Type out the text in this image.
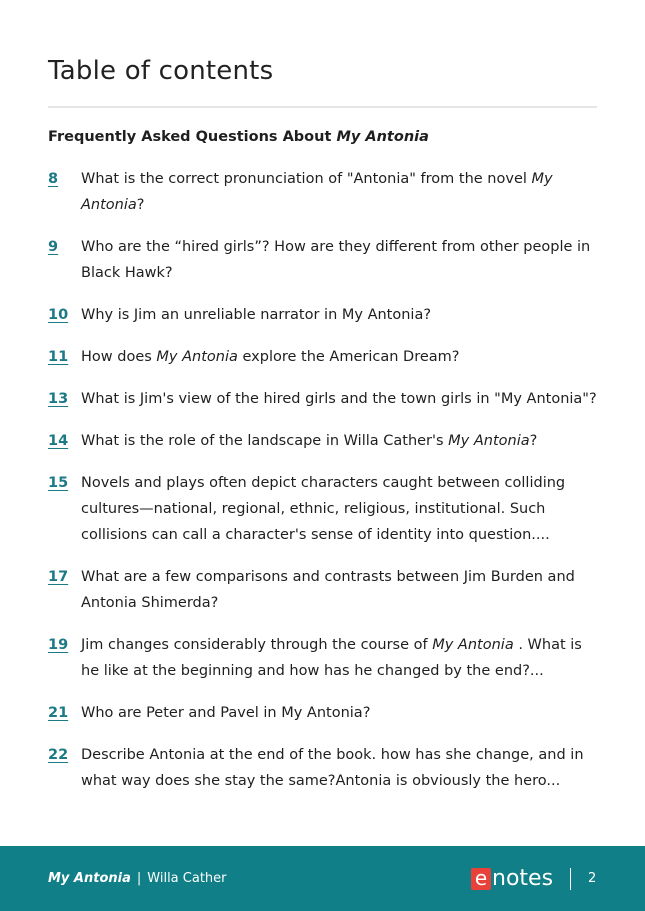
Table of contents
Frequently Asked Questions About My Antonia
8	What is the correct pronunciation of "Antonia" from the novel My Antonia?
9	Who are the “hired girls”? How are they different from other people in Black Hawk?
10 Why is Jim an unreliable narrator in My Antonia?
11 How does My Antonia explore the American Dream?
13 What is Jim's view of the hired girls and the town girls in "My Antonia"?
14 What is the role of the landscape in Willa Cather's My Antonia?
15 Novels and plays often depict characters caught between colliding cultures—national, regional, ethnic, religious, institutional. Such collisions can call a character's sense of identity into question....
17 What are a few comparisons and contrasts between Jim Burden and Antonia Shimerda?
19 Jim changes considerably through the course of My Antonia . What is he like at the beginning and how has he changed by the end?...
21 Who are Peter and Pavel in My Antonia?
22 Describe Antonia at the end of the book. how has she change, and in what way does she stay the same?Antonia is obviously the hero...
My Antonia | Willa Cather	e notes	2
